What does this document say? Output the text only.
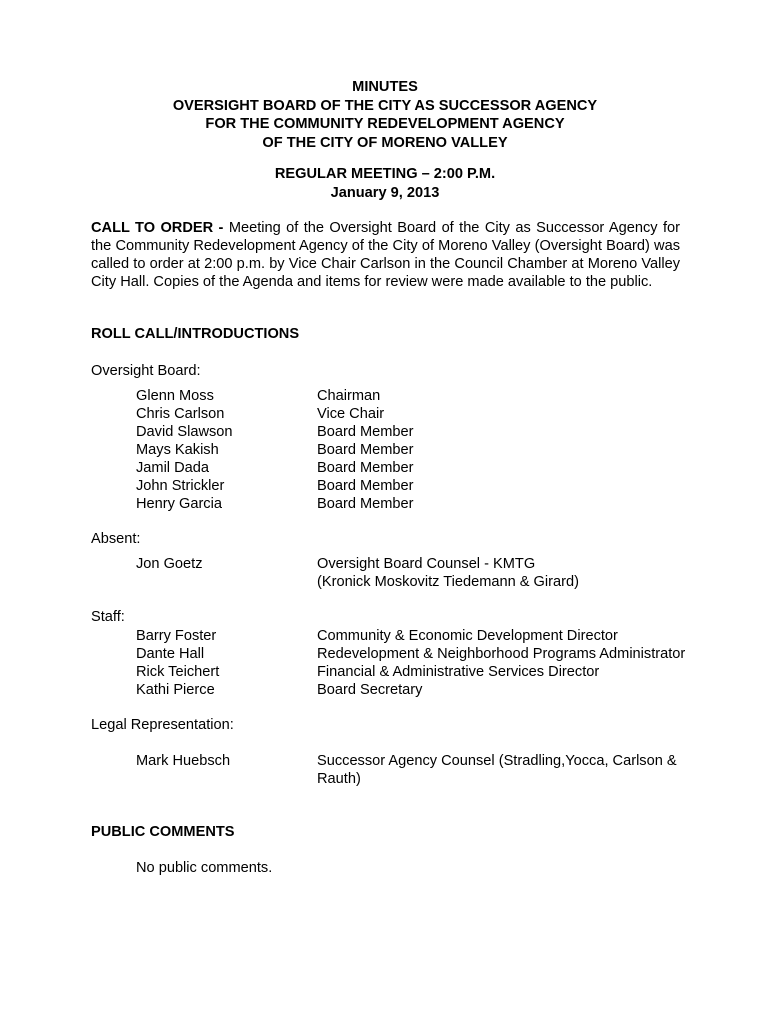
MINUTES
OVERSIGHT BOARD OF THE CITY AS SUCCESSOR AGENCY
FOR THE COMMUNITY REDEVELOPMENT AGENCY
OF THE CITY OF MORENO VALLEY
REGULAR MEETING – 2:00 P.M.
January 9, 2013
CALL TO ORDER - Meeting of the Oversight Board of the City as Successor Agency for the Community Redevelopment Agency of the City of Moreno Valley (Oversight Board) was called to order at 2:00 p.m. by Vice Chair Carlson in the Council Chamber at Moreno Valley City Hall. Copies of the Agenda and items for review were made available to the public.
ROLL CALL/INTRODUCTIONS
Oversight Board:
Glenn Moss	Chairman
Chris Carlson	Vice Chair
David Slawson	Board Member
Mays Kakish	Board Member
Jamil Dada	Board Member
John Strickler	Board Member
Henry Garcia	Board Member
Absent:
Jon Goetz	Oversight Board Counsel - KMTG
(Kronick Moskovitz Tiedemann & Girard)
Staff:
Barry Foster	Community & Economic Development Director
Dante Hall	Redevelopment & Neighborhood Programs Administrator
Rick Teichert	Financial & Administrative Services Director
Kathi Pierce	Board Secretary
Legal Representation:
Mark Huebsch	Successor Agency Counsel (Stradling,Yocca, Carlson &
Rauth)
PUBLIC COMMENTS
No public comments.
